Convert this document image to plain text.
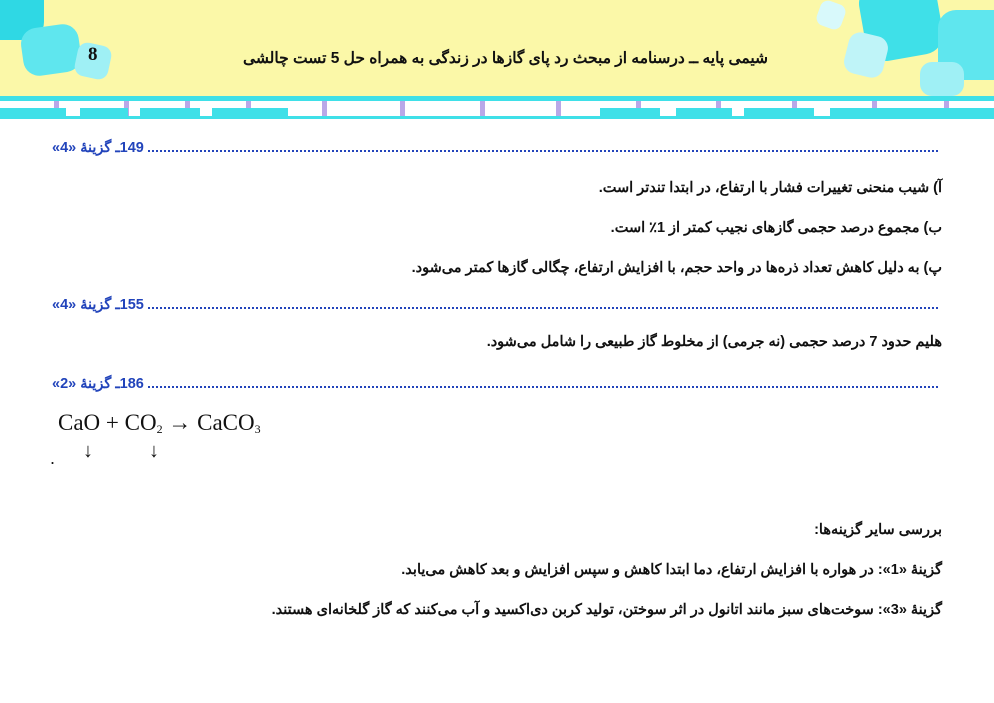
8	شیمی پایه ــ درسنامه از مبحث رد پای گازها در زندگی به همراه حل 5 تست چالشی
149ـ گزینۀ «4»
آ) شیب منحنی تغییرات فشار با ارتفاع، در ابتدا تندتر است.
ب) مجموع درصد حجمی گازهای نجیب کمتر از 1٪ است.
پ) به دلیل کاهش تعداد ذره‌ها در واحد حجم، با افزایش ارتفاع، چگالی گازها کمتر می‌شود.
155ـ گزینۀ «4»
هلیم حدود 7 درصد حجمی (نه جرمی) از مخلوط گاز طبیعی را شامل می‌شود.
186ـ گزینۀ «2»
CaO + $CO_2$ → CaCO$_3$
. ↓	↓
بررسی سایر گزینه‌ها:
گزینۀ «1»: در هواره با افزایش ارتفاع، دما ابتدا کاهش و سپس افزایش و بعد کاهش می‌یابد.
گزینۀ «3»: سوخت‌های سبز مانند اتانول در اثر سوختن، تولید کربن دی‌اکسید و آب می‌کنند که گاز گلخانه‌ای هستند.
